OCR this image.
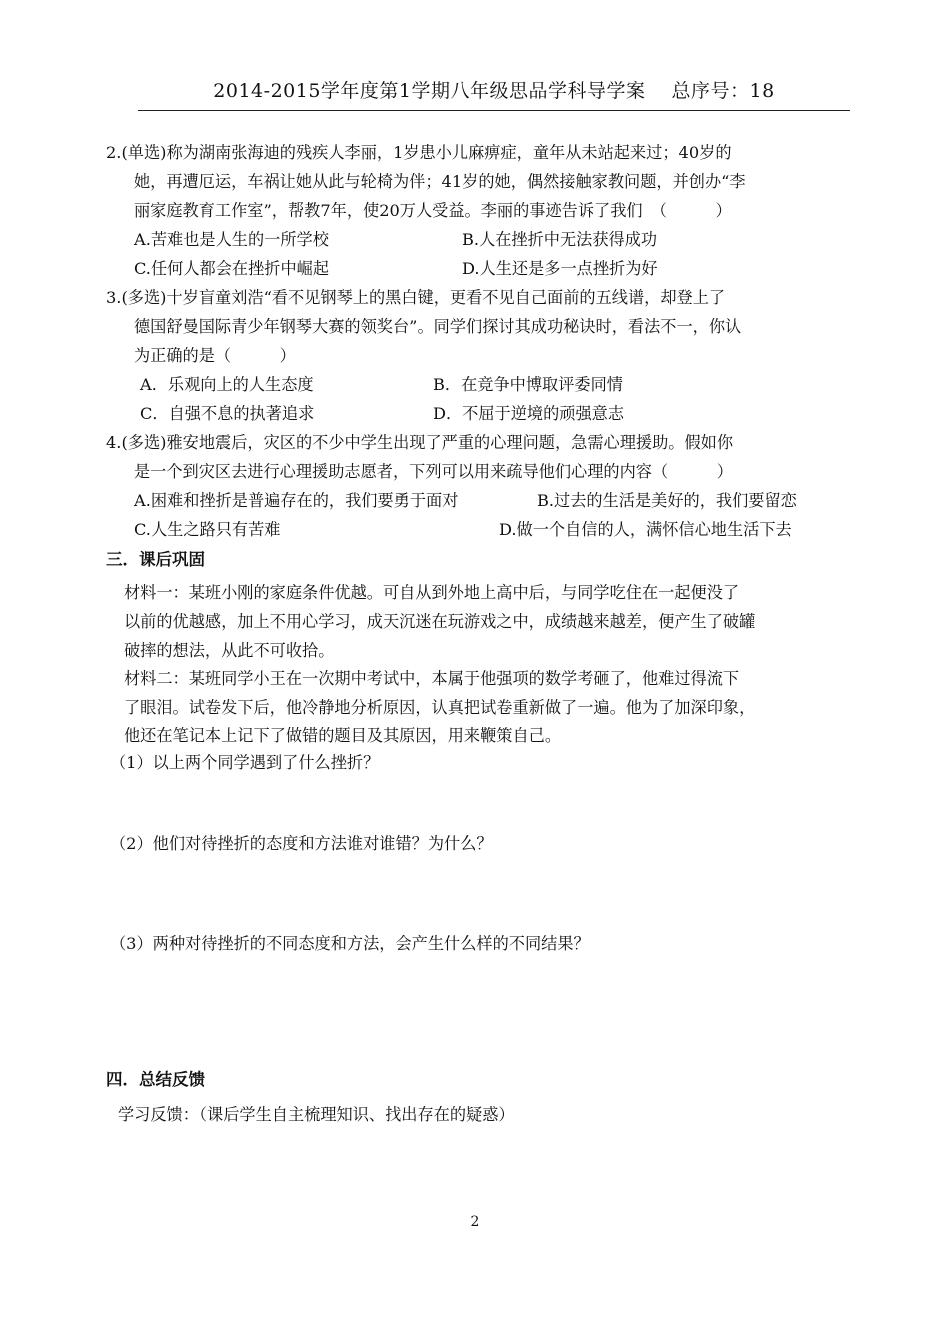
2014-2015学年度第1学期八年级思品学科导学案 总序号：18
2.(单选)称为湖南张海迪的残疾人李丽，1岁患小儿麻痹症，童年从未站起来过；40岁的
她，再遭厄运，车祸让她从此与轮椅为伴；41岁的她，偶然接触家教问题，并创办“李
丽家庭教育工作室”，帮教7年，使20万人受益。李丽的事迹告诉了我们　（　　　）
A.苦难也是人生的一所学校	B.人在挫折中无法获得成功
C.任何人都会在挫折中崛起	D.人生还是多一点挫折为好
3.(多选)十岁盲童刘浩“看不见钢琴上的黑白键，更看不见自己面前的五线谱，却登上了
德国舒曼国际青少年钢琴大赛的领奖台”。同学们探讨其成功秘诀时，看法不一，你认
为正确的是（　　　）
A．乐观向上的人生态度	B．在竞争中博取评委同情
C．自强不息的执著追求	D．不屈于逆境的顽强意志
4.(多选)雅安地震后，灾区的不少中学生出现了严重的心理问题，急需心理援助。假如你
是一个到灾区去进行心理援助志愿者，下列可以用来疏导他们心理的内容（　　　）
A.困难和挫折是普遍存在的，我们要勇于面对	B.过去的生活是美好的，我们要留恋
C.人生之路只有苦难	D.做一个自信的人，满怀信心地生活下去
三．课后巩固
材料一：某班小刚的家庭条件优越。可自从到外地上高中后，与同学吃住在一起便没了
以前的优越感，加上不用心学习，成天沉迷在玩游戏之中，成绩越来越差，便产生了破罐
破摔的想法，从此不可收拾。
材料二：某班同学小王在一次期中考试中，本属于他强项的数学考砸了，他难过得流下
了眼泪。试卷发下后，他冷静地分析原因，认真把试卷重新做了一遍。他为了加深印象，
他还在笔记本上记下了做错的题目及其原因，用来鞭策自己。
（1）以上两个同学遇到了什么挫折？
（2）他们对待挫折的态度和方法谁对谁错？为什么？
（3）两种对待挫折的不同态度和方法，会产生什么样的不同结果？
四．总结反馈
学习反馈：（课后学生自主梳理知识、找出存在的疑惑）
2
